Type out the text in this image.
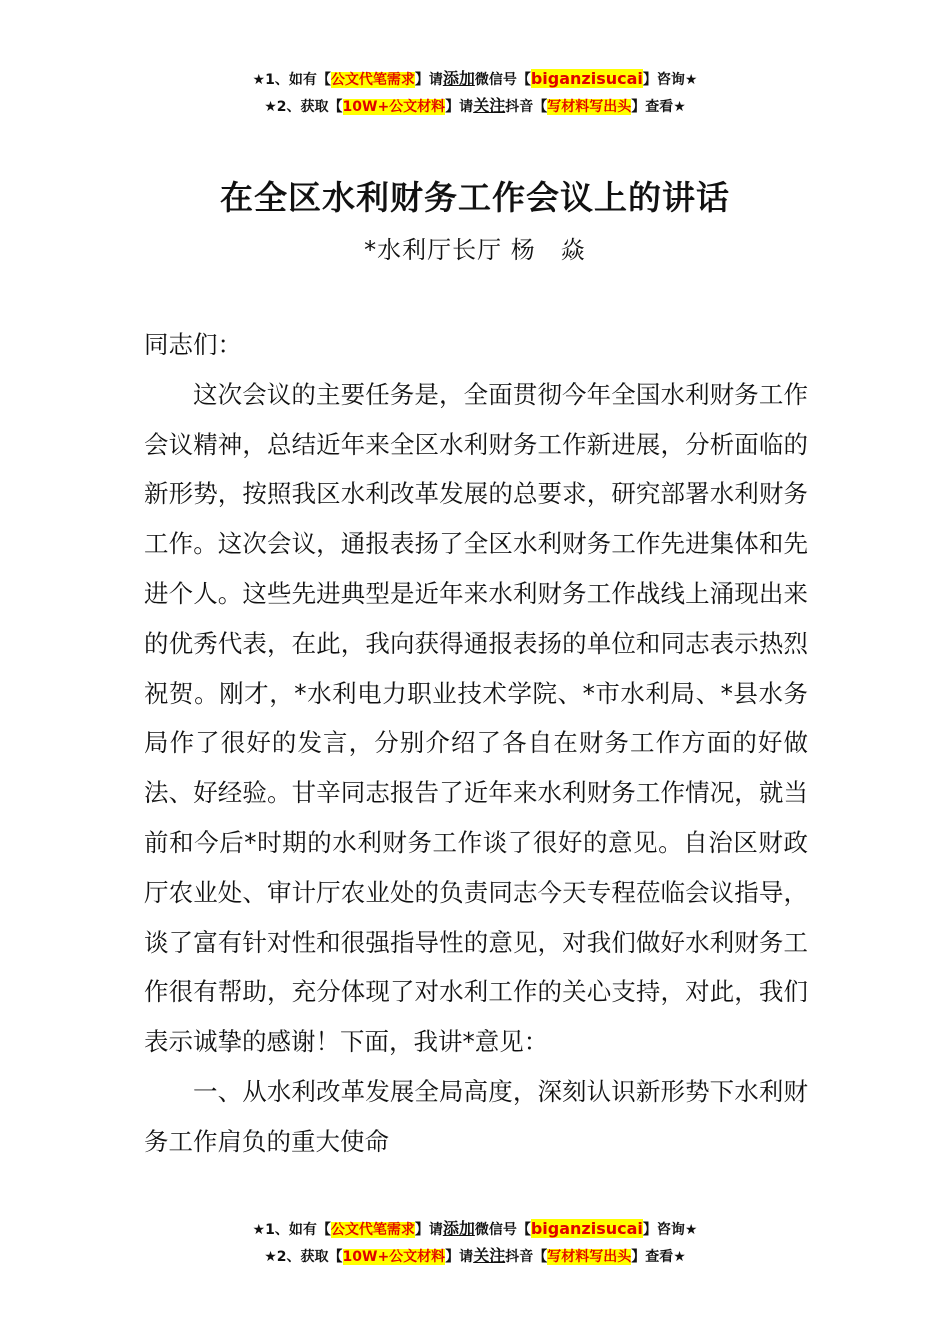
★1、如有【公文代笔需求】请添加微信号【biganzisucai】咨询★
★2、获取【10W+公文材料】请关注抖音【写材料写出头】查看★
在全区水利财务工作会议上的讲话
*水利厅长厅 杨　焱

同志们：

这次会议的主要任务是，全面贯彻今年全国水利财务工作会议精神，总结近年来全区水利财务工作新进展，分析面临的新形势，按照我区水利改革发展的总要求，研究部署水利财务工作。这次会议，通报表扬了全区水利财务工作先进集体和先进个人。这些先进典型是近年来水利财务工作战线上涌现出来的优秀代表，在此，我向获得通报表扬的单位和同志表示热烈祝贺。刚才，*水利电力职业技术学院、*市水利局、*县水务局作了很好的发言，分别介绍了各自在财务工作方面的好做法、好经验。甘辛同志报告了近年来水利财务工作情况，就当前和今后*时期的水利财务工作谈了很好的意见。自治区财政厅农业处、审计厅农业处的负责同志今天专程莅临会议指导，谈了富有针对性和很强指导性的意见，对我们做好水利财务工作很有帮助，充分体现了对水利工作的关心支持，对此，我们表示诚挚的感谢！下面，我讲*意见：

一、从水利改革发展全局高度，深刻认识新形势下水利财务工作肩负的重大使命

★1、如有【公文代笔需求】请添加微信号【biganzisucai】咨询★
★2、获取【10W+公文材料】请关注抖音【写材料写出头】查看★
